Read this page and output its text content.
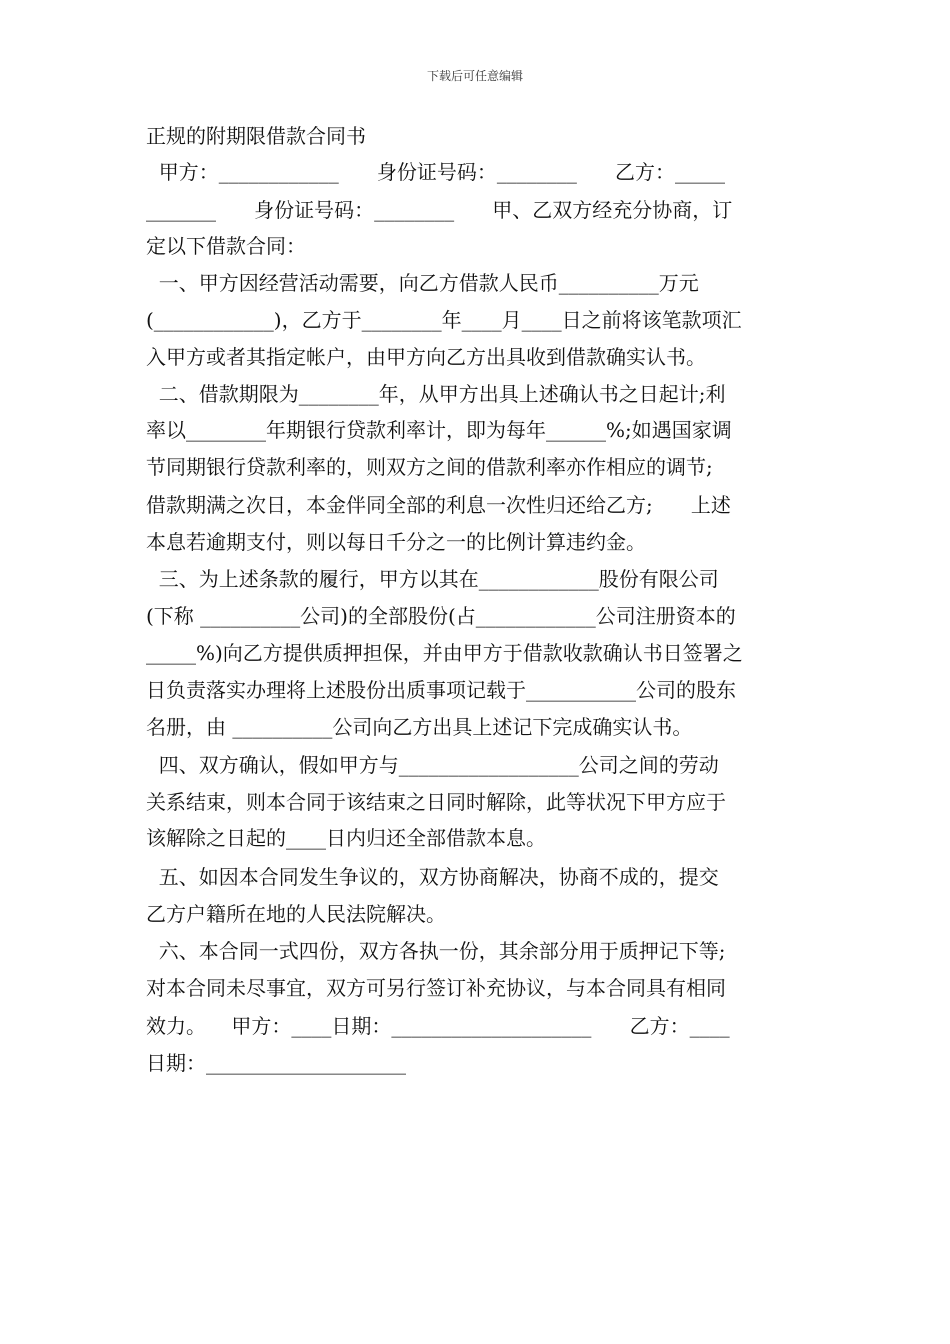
下载后可任意编辑
正规的附期限借款合同书
甲方：____________      身份证号码：________      乙方：_____
_______      身份证号码：________      甲、乙双方经充分协商，订
定以下借款合同：
一、甲方因经营活动需要，向乙方借款人民币__________万元
(____________)，乙方于________年____月____日之前将该笔款项汇
入甲方或者其指定帐户，由甲方向乙方出具收到借款确实认书。
二、借款期限为________年，从甲方出具上述确认书之日起计;利
率以________年期银行贷款利率计，即为每年______%;如遇国家调
节同期银行贷款利率的，则双方之间的借款利率亦作相应的调节;
借款期满之次日，本金伴同全部的利息一次性归还给乙方;      上述
本息若逾期支付，则以每日千分之一的比例计算违约金。
三、为上述条款的履行，甲方以其在____________股份有限公司
(下称 __________公司)的全部股份(占____________公司注册资本的
_____%)向乙方提供质押担保，并由甲方于借款收款确认书日签署之
日负责落实办理将上述股份出质事项记载于___________公司的股东
名册，由 __________公司向乙方出具上述记下完成确实认书。
四、双方确认，假如甲方与__________________公司之间的劳动
关系结束，则本合同于该结束之日同时解除，此等状况下甲方应于
该解除之日起的____日内归还全部借款本息。
五、如因本合同发生争议的，双方协商解决，协商不成的，提交
乙方户籍所在地的人民法院解决。
六、本合同一式四份，双方各执一份，其余部分用于质押记下等;
对本合同未尽事宜，双方可另行签订补充协议，与本合同具有相同
效力。    甲方：____日期：____________________      乙方：____
日期：____________________
